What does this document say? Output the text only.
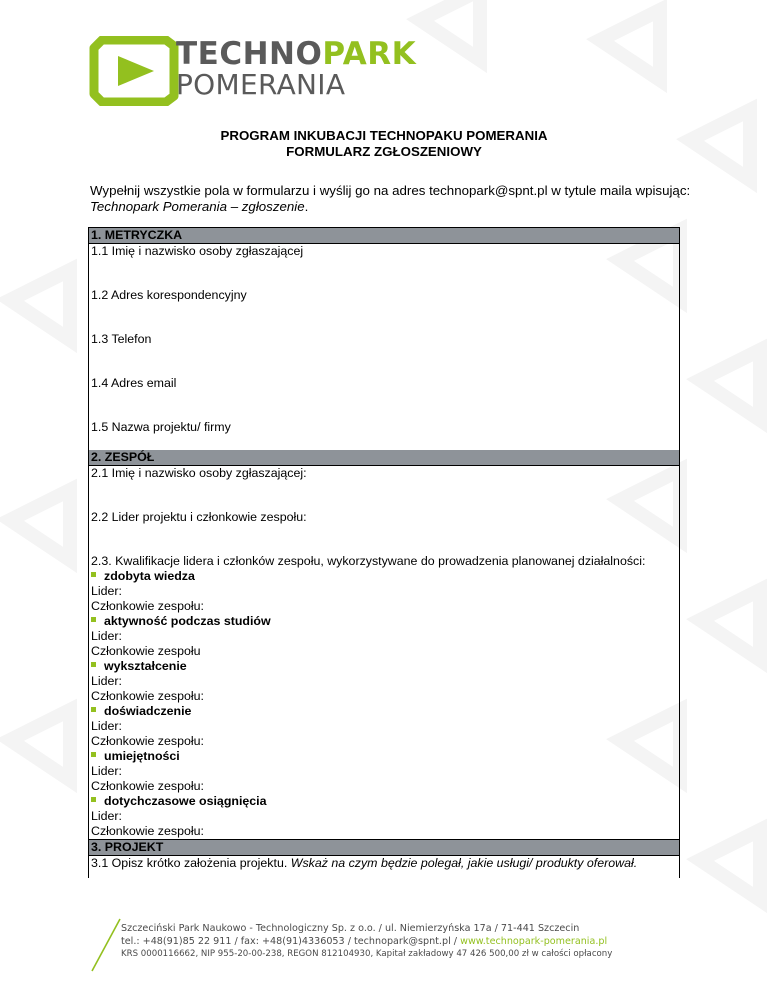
TECHNOPARK
POMERANIA
PROGRAM INKUBACJI TECHNOPAKU POMERANIA
FORMULARZ ZGŁOSZENIOWY
Wypełnij wszystkie pola w formularzu i wyślij go na adres technopark@spnt.pl w tytule maila wpisując:
Technopark Pomerania – zgłoszenie.
1. METRYCZKA
1.1 Imię i nazwisko osoby zgłaszającej
1.2 Adres korespondencyjny
1.3 Telefon
1.4 Adres email
1.5 Nazwa projektu/ firmy
2. ZESPÓŁ
2.1 Imię i nazwisko osoby zgłaszającej:
2.2 Lider projektu i członkowie zespołu:
2.3. Kwalifikacje lidera i członków zespołu, wykorzystywane do prowadzenia planowanej działalności:
zdobyta wiedza
Lider:
Członkowie zespołu:
aktywność podczas studiów
Lider:
Członkowie zespołu
wykształcenie
Lider:
Członkowie zespołu:
doświadczenie
Lider:
Członkowie zespołu:
umiejętności
Lider:
Członkowie zespołu:
dotychczasowe osiągnięcia
Lider:
Członkowie zespołu:
3. PROJEKT
3.1 Opisz krótko założenia projektu. Wskaż na czym będzie polegał, jakie usługi/ produkty oferował.
Szczeciński Park Naukowo - Technologiczny Sp. z o.o. / ul. Niemierzyńska 17a / 71-441 Szczecin
tel.: +48(91)85 22 911 / fax: +48(91)4336053 / technopark@spnt.pl / www.technopark-pomerania.pl
KRS 0000116662, NIP 955-20-00-238, REGON 812104930, Kapitał zakładowy 47 426 500,00 zł w całości opłacony
